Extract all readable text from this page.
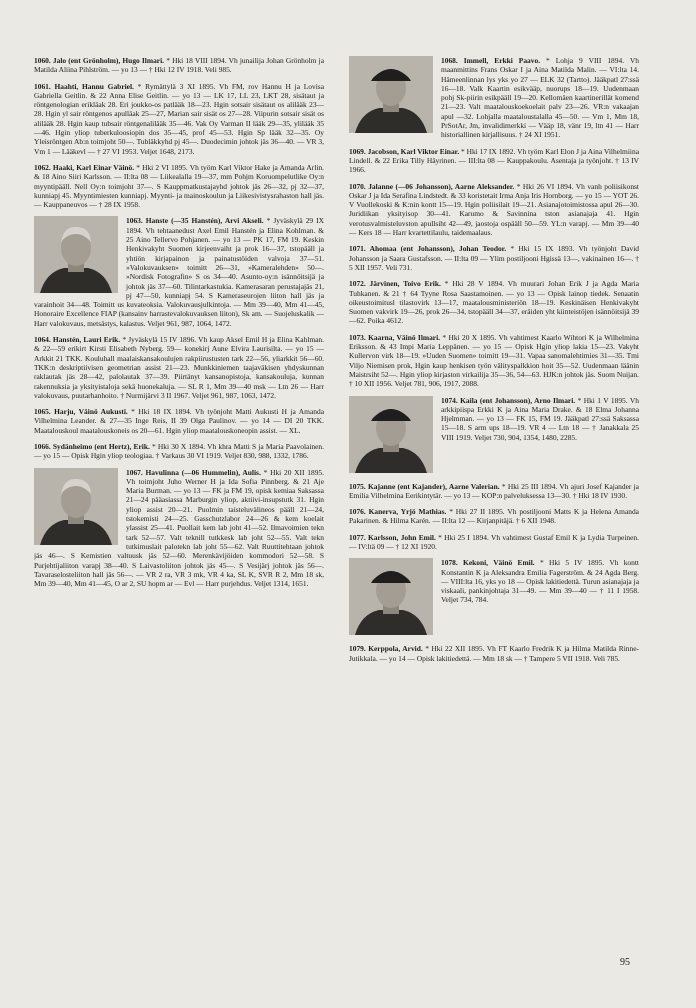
1060. Jalo (ent Grönholm), Hugo Ilmari. * Hki 18 VIII 1894. Vh junailija Johan Grönholm ja Matilda Aliina Pihlström. — yo 13 — † Hki 12 IV 1918. Veli 985.
1061. Haahti, Hannu Gabriel. * Rymättylä 3 XI 1895. Vh FM, rov Hannu H ja Lovisa Gabriella Geitlin. & 22 Anna Elise Geitlin. — yo 13 — LK 17, LL 23, LKT 28, sisätaut ja röntgenologian erikläak 28. Eri joukko-os patlääk 18—23. Hgin sotsair sisätaut os alilääk 23—28. Hgin yl sair röntgenos apulläak 25—27, Marian sair sisät os 27—28. Viipurin sotsair sisät os alilääk 28. Hgin kaup tubsair röntgenalilääk 35—46. Vak Oy Varman II lääk 29—35, ylilääk 35—46. Hgin yliop tuberkuloosiopin dos 35—45, prof 45—53. Hgin Sp lääk 32—35. Oy Yleisröntgen Ab:n toimjoht 50—. Tubläkkyhd pj 45—. Duodecimin johtok jäs 36—40. — VR 3, Vm 1 — Lääkevl — † 27 VI 1953. Veljet 1648, 2173.
1062. Haaki, Karl Einar Väinö. * Hki 2 VI 1895. Vh työm Karl Viktor Hake ja Amanda Arlin. & 18 Aino Siiri Karlsson. — II:lta 08 — Liikealalla 19—37, mm Pohjm Koruompelutlike Oy:n myyntipääll. Nell Oy:n toimjoht 37—. S Kauppmatkustajayhd johtok jäs 26—32, pj 32—37, kunniapj 45. Myyntimiesten kunniapj. Myynti- ja mainoskoulun ja Liikesivistysrahaston hall jäs. — Kauppaneuvos — † 28 IX 1958.
1063. Hanste (—35 Hanstén), Arvi Akseli. * Jyväskylä 29 IX 1894. Vh tehtaanedust Axel Emil Hanstén ja Elina Kohlman. & 25 Aino Tellervo Pohjanen. — yo 13 — PK 17, FM 19. Keskin Henkivakyht Suomen kirjeenvaiht ja prok 16—37, tstopääll ja yhtiön kirjapainon ja painatustöiden valvoja 37—51. »Valokuvauksen» toimitt 26—31, »Kameralehden» 50—. »Nordisk Fotografin» S os 34—40. Asunto-oy:n isännöitsijä ja johtok jäs 37—60. Tilintarkastukia. Kamerasaran perustajajäs 21, pj 47—50, kunniapj 54. S Kameraseurojen liiton hall jäs ja varainhoit 34—48. Toimitt us kuvateoksia. Valokuvausjulkintoja. — Mm 39—40, Mm 41—45, Honoraire Excellence FIAP (kansainv harrastevalokuvauksen liiton), Sk am. — Suojeluskalik — Harr valokuvaus, metsästys, kalastus. Veljet 961, 987, 1064, 1472.
1064. Hanstén, Lauri Erik. * Jyväskylä 15 IV 1896. Vh kaup Aksel Emil H ja Elina Kahlman. & 22—59 erikirt Kirsti Elisabeth Nyberg. 59— konekirj Aune Elvira Laurisilta. — yo 15 — Arkkit 21 TKK. Kouluhall maalaiskansakoulujen rakpiirustusten tark 22—56, yliarkkit 56—60. TKK:n deskriptiivisen geometrian assist 21—23. Munkkiniemen taajaväkisen yhdyskunnan raklautak jäs 28—42, palolautak 37—39. Piirtänyt kansanopistoja, kansakouluja, kunnan rakennuksia ja yksityistaloja sekä huonekaluja. — SL R 1, Mm 39—40 msk — Ltn 26 — Harr valokuvaus, puutarhanhoito. † Nurmijärvi 3 II 1967. Veljet 961, 987, 1063, 1472.
1065. Harju, Väinö Aukusti. * Hki 18 IX 1894. Vh työnjoht Matti Aukusti H ja Amanda Vilhelmina Leander. & 27—35 Inge Reis, II 39 Olga Paulinov. — yo 14 — DI 20 TKK. Maatalouskoul maatalouskoneis os 20—61. Hgin yliop maatalouskoneopin assist. — XL.
1066. Sydänheimo (ent Hertz), Erik. * Hki 30 X 1894. Vh khra Matti S ja Maria Paavolainen. — yo 15 — Opisk Hgin yliop teologiaa. † Varkaus 30 VI 1919. Veljet 830, 988, 1332, 1786.
1067. Havulinna (—06 Hummelin), Aulis. * Hki 20 XII 1895. Vh toimjoht Juho Werner H ja Ida Sofia Pinnberg. & 21 Aje Maria Burman. — yo 13 — FK ja FM 19, opisk kemiaa Saksassa 21—24 pääasiassa Marburgin yliop, aktiivi-insupstutk 31. Hgin yliop assist 20—21. Puolmin taisteluvälineos pääll 21—24, tstokemisti 24—25. Gasschutzlabor 24—26 & kem koelait ylassist 25—41. Puollait kem lab joht 41—52. Ilmavoimien tekn tark 52—57. Valt teknill tutkkesk lab joht 52—55. Valt tekn tutkimuslait palotekn lab joht 55—62. Valt Ruuttitehtaan johtok jäs 46—. S Kemistien valtuusk jäs 52—60. Merenkävijöiden kommodori 52—58. S Purjehtijaliiton varapj 38—40. S Laivastoliiton johtok jäs 45—. S Vesijärj johtok jäs 56—. Tavaraselosteliiton hall jäs 56—. — VR 2 ra, VR 3 mk, VR 4 ka, SL K, SVR R 2, Mm 18 sk, Mm 39—40, Mm 41—45, O ar 2, SU hopm ar — Evl — Harr purjehdus. Veljet 1314, 1651.
1068. Immell, Erkki Paavo. * Lohja 9 VIII 1894. Vh maanmittins Frans Oskar I ja Aina Matilda Malin. — VI:lta 14. Hämeenlinnan lys yks yo 27 — ELK 32 (Tartto). Jääkpatl 27:ssä 16—18. Valk Kaartin esikvääp, nuorups 18—19. Uudenmaan pohj Sk-piirin esikpääll 19—20. Kellomäen kaartinerillät komend 21—23. Valt maatalouskoekoelait palv 23—26. VR:n vakaajan apul —32. Lohjalla maataloustalalla 45—50. — Vm 1, Mm 18, PrSotAr, Jm, invalidimerkki — Vääp 18, vänr 19, ltn 41 — Harr historiallinen kirjallisuus. † 24 XI 1951.
1069. Jacobson, Karl Viktor Einar. * Hki 17 IX 1892. Vh työm Karl Elon J ja Aina Vilhelmiina Lindell. & 22 Erika Tilly Häyrinen. — III:lta 08 — Kauppakoulu. Asentaja ja työnjoht. † 13 IV 1966.
1070. Jalanne (—06 Johansson), Aarne Aleksander. * Hki 26 VI 1894. Vh vanh poliisikonst Oskar J ja Ida Serafina Lindstedt. & 33 koristetait Irma Anja Iris Hornborg. — yo 15 — YOT 26. V Vuollekoski & K:nin kontt 15—19. Hgin poliisilait 19—21. Asianajotoimistossa apul 26—30. Juridiikan yksityisop 30—41. Karumo & Savinnina tston asianajaja 41. Hgin verotusvalmisteluvston apullsiht 42—49, jaostoja ospääll 50—59. YL:n varapj. — Mm 39—40 — Kers 18 — Harr kvartettilaulu, taidemaalaus.
1071. Ahomaa (ent Johansson), Johan Teodor. * Hki 15 IX 1893. Vh työnjoht David Johansson ja Saara Gustafsson. — II:lta 09 — Ylim postiljooni Hgissä 13—, vakinainen 16—. † 5 XII 1957. Veli 731.
1072. Järvinen, Toivo Erik. * Hki 28 V 1894. Vh muurari Johan Erik J ja Agda Maria Tuhkanen. & 21 † 64 Tyyne Rosa Saastamoinen. — yo 13 — Opisk lainop tiedek. Senaatin oikeustoimitusl tilastovirk 13—17, maatalousministeriön 18—19. Keskinäisen Henkivakyht Suomen vakvirk 19—26, prok 26—34, tstopääll 34—37, eräiden yht kiinteistöjen isännöitsijä 39—62. Poika 4612.
1073. Kaarna, Väinö Ilmari. * Hki 20 X 1895. Vh vahtimest Kaarlo Wihtori K ja Wilhelmina Eriksson. & 43 Impi Maria Leppänen. — yo 15 — Opisk Hgin yliop lakia 15—23. Vakyht Kullervon virk 18—19. »Uuden Suomen» toimitt 19—31. Vapaa sanomalehtimies 31—35. Tmi Viljo Niemisen prok, Hgin kaup henkisen työn välityspalkkion hoit 35—52. Uudenmaan läänin Maistrsiht 52—. Hgin yliop kirjaston virkailija 35—36, 54—63. HJK:n johtok jäs. Suom Nuijan. † 10 XII 1956. Veljet 781, 906, 1917, 2088.
1074. Kaila (ent Johansson), Arno Ilmari. * Hki 1 V 1895. Vh arkkipiispa Erkki K ja Aina Maria Drake. & 18 Elma Johanna Hjelmman. — yo 13 — FK 15, FM 19. Jääkpatl 27:ssä Saksassa 15—18. S arm ups 18—19. VR 4 — Ltn 18 — † Janakkala 25 VIII 1919. Veljet 730, 904, 1354, 1480, 2285.
1075. Kajanne (ent Kajander), Aarne Valerian. * Hki 25 III 1894. Vh ajuri Josef Kajander ja Emilia Vilhelmina Eerikintytär. — yo 13 — KOP:n palveluksessa 13—30. † Hki 18 IV 1930.
1076. Kanerva, Yrjö Mathias. * Hki 27 II 1895. Vh postiljooni Matts K ja Helena Amanda Pakarinen. & Hilma Karén. — II:lta 12 — Kirjanpitäjä. † 6 XII 1948.
1077. Karlsson, John Emil. * Hki 25 I 1894. Vh vahtimest Gustaf Emil K ja Lydia Turpeinen. — IV:ltä 09 — † 12 XI 1920.
1078. Kekoni, Väinö Emil. * Hki 5 IV 1895. Vh kontt Konstantin K ja Aleksandra Emilia Fagerström. & 24 Agda Berg. — VIII:lta 16, yks yo 18 — Opisk lakitiedettä. Turun asianajaja ja viskaali, pankinjohtaja 31—49. — Mm 39—40 — † 11 I 1958. Veljet 734, 784.
1079. Kerppola, Arvid. * Hki 22 XII 1895. Vh FT Kaarlo Fredrik K ja Hilma Matilda Rinne-Jutikkala. — yo 14 — Opisk lakitiedettä. — Mm 18 sk — † Tampere 5 VII 1918. Veli 785.
95
